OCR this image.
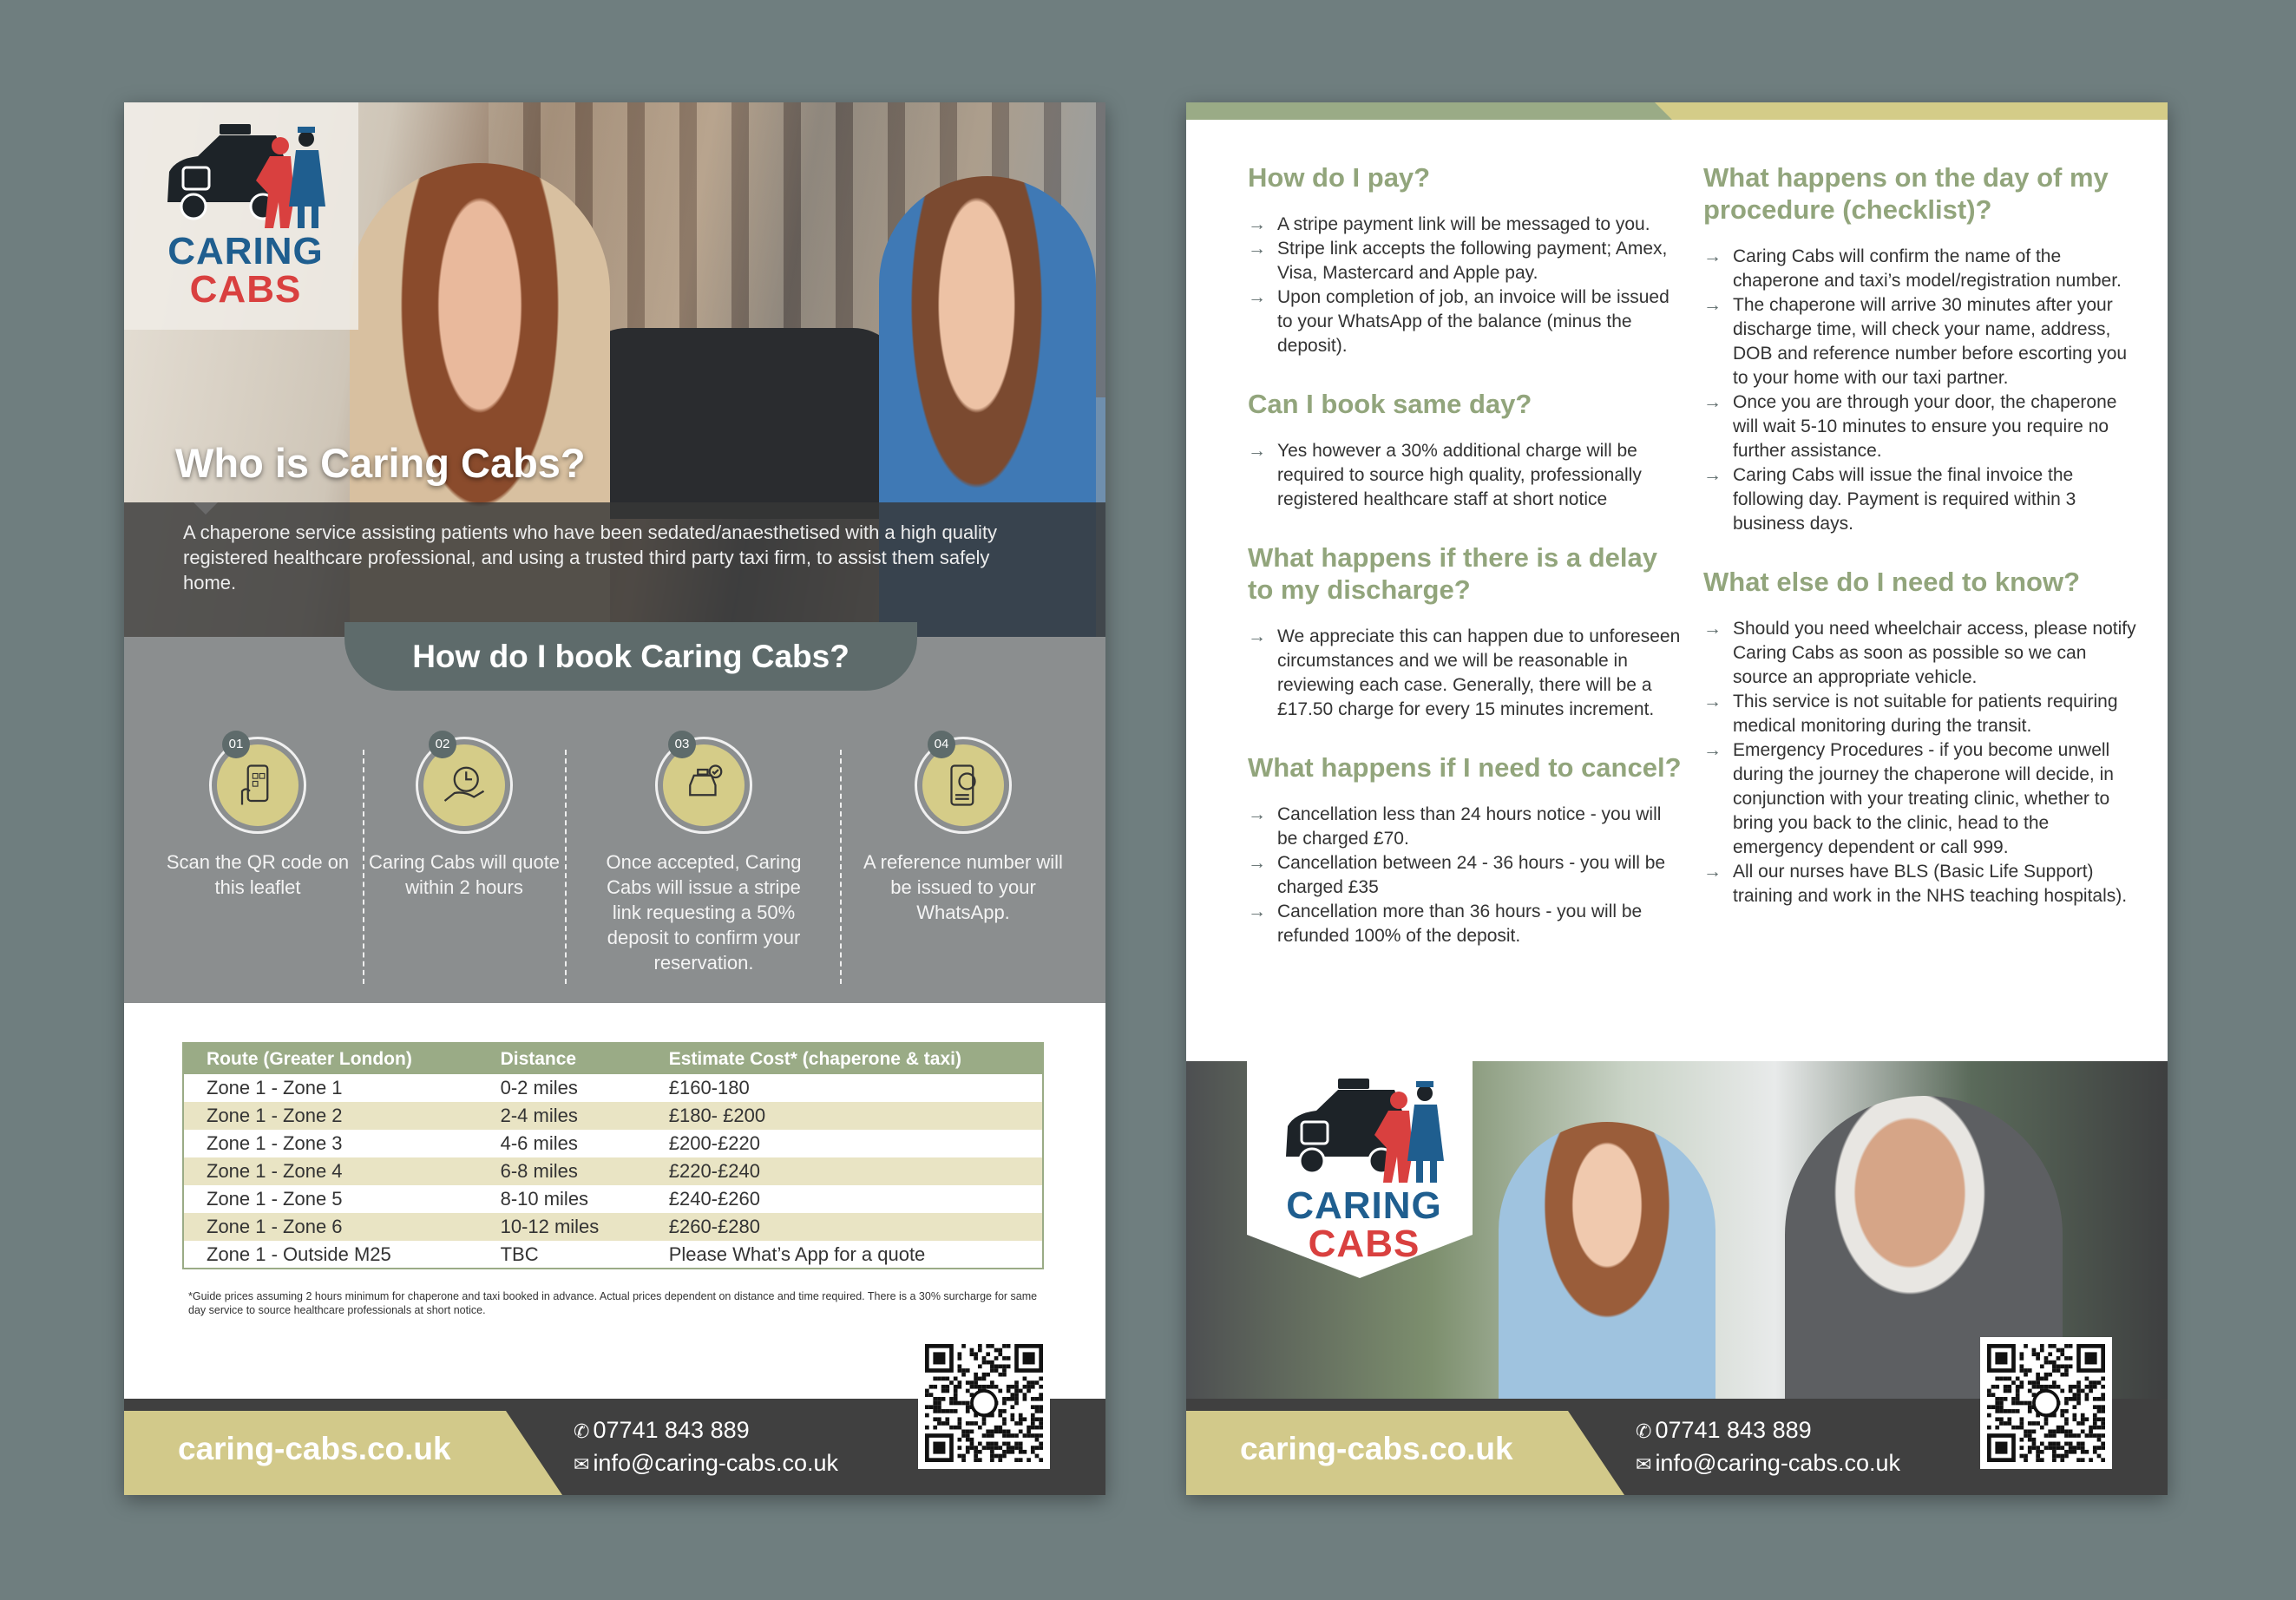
CARING
CABS
Who is Caring Cabs?
A chaperone service assisting patients who have been sedated/anaesthetised with a high quality registered healthcare professional, and using a trusted third party taxi firm, to assist them safely home.
How do I book Caring Cabs?
01
Scan the QR code on this leaflet
02
Caring Cabs will quote within 2 hours
03
Once accepted, Caring Cabs will issue a stripe link requesting a 50% deposit to confirm your reservation.
04
A reference number will be issued to your WhatsApp.
Route (Greater London)	Distance	Estimate Cost* (chaperone & taxi)
Zone 1 - Zone 1	0-2 miles	£160-180
Zone 1 - Zone 2	2-4 miles	£180- £200
Zone 1 - Zone 3	4-6 miles	£200-£220
Zone 1 - Zone 4	6-8 miles	£220-£240
Zone 1 - Zone 5	8-10 miles	£240-£260
Zone 1 - Zone 6	10-12 miles	£260-£280
Zone 1 - Outside M25	TBC	Please What’s App for a quote
*Guide prices assuming 2 hours minimum for chaperone and taxi booked in advance. Actual prices dependent on distance and time required. There is a 30% surcharge for same day service to source healthcare professionals at short notice.
caring-cabs.co.uk	✆ 07741 843 889
✉ info@caring-cabs.co.uk
How do I pay?
→ A stripe payment link will be messaged to you.
→ Stripe link accepts the following payment; Amex, Visa, Mastercard and Apple pay.
→ Upon completion of job, an invoice will be issued to your WhatsApp of the balance (minus the deposit).
Can I book same day?
→ Yes however a 30% additional charge will be required to source high quality, professionally registered healthcare staff at short notice
What happens if there is a delay to my discharge?
→ We appreciate this can happen due to unforeseen circumstances and we will be reasonable in reviewing each case. Generally, there will be a £17.50 charge for every 15 minutes increment.
What happens if I need to cancel?
→ Cancellation less than 24 hours notice - you will be charged £70.
→ Cancellation between 24 - 36 hours - you will be charged £35
→ Cancellation more than 36 hours - you will be refunded 100% of the deposit.
What happens on the day of my procedure (checklist)?
→ Caring Cabs will confirm the name of the chaperone and taxi’s model/registration number.
→ The chaperone will arrive 30 minutes after your discharge time, will check your name, address, DOB and reference number before escorting you to your home with our taxi partner.
→ Once you are through your door, the chaperone will wait 5-10 minutes to ensure you require no further assistance.
→ Caring Cabs will issue the final invoice the following day. Payment is required within 3 business days.
What else do I need to know?
→ Should you need wheelchair access, please notify Caring Cabs as soon as possible so we can source an appropriate vehicle.
→ This service is not suitable for patients requiring medical monitoring during the transit.
→ Emergency Procedures - if you become unwell during the journey the chaperone will decide, in conjunction with your treating clinic, whether to bring you back to the clinic, head to the emergency dependent or call 999.
→ All our nurses have BLS (Basic Life Support) training and work in the NHS teaching hospitals).
CARING
CABS
caring-cabs.co.uk	✆ 07741 843 889
✉ info@caring-cabs.co.uk
